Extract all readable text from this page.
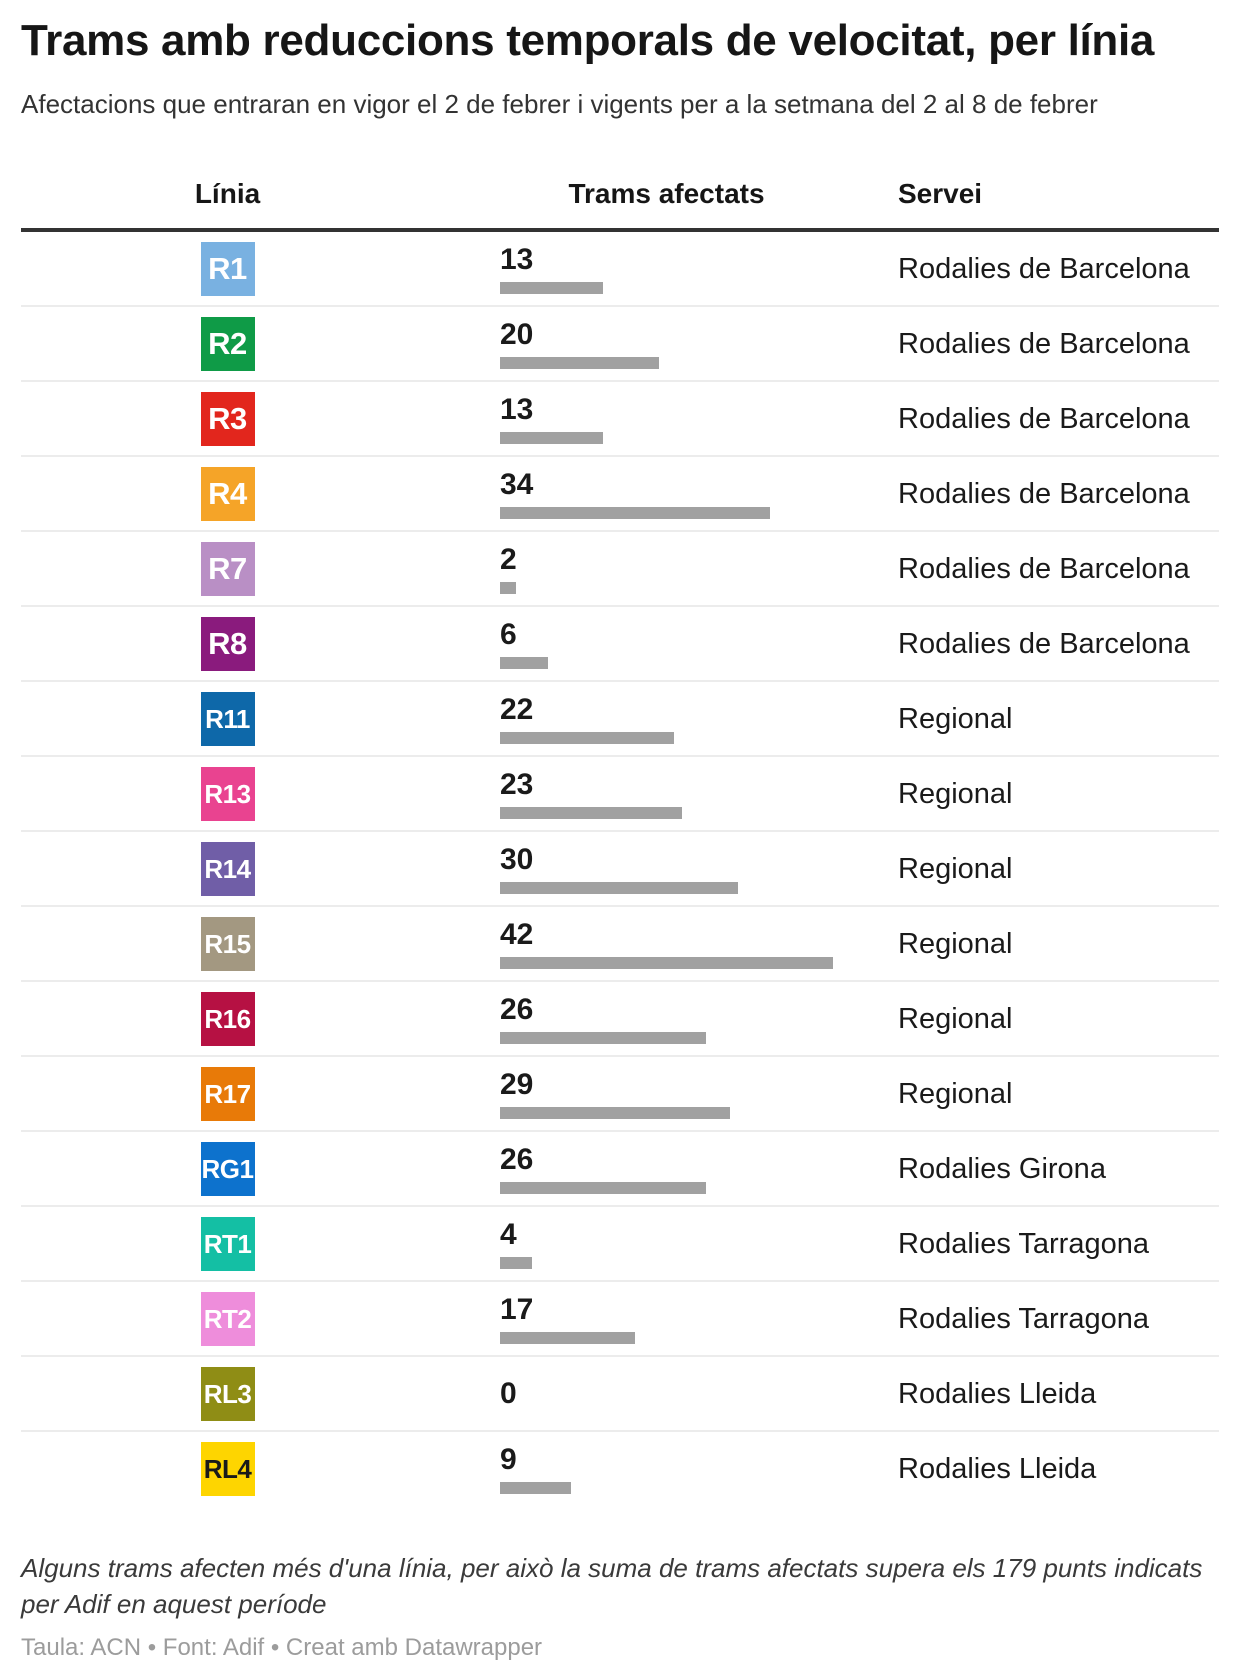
Trams amb reduccions temporals de velocitat, per línia

Afectacions que entraran en vigor el 2 de febrer i vigents per a la setmana del 2 al 8 de febrer

Línia	Trams afectats	Servei
R1	13	Rodalies de Barcelona
R2	20	Rodalies de Barcelona
R3	13	Rodalies de Barcelona
R4	34	Rodalies de Barcelona
R7	2	Rodalies de Barcelona
R8	6	Rodalies de Barcelona
R11	22	Regional
R13	23	Regional
R14	30	Regional
R15	42	Regional
R16	26	Regional
R17	29	Regional
RG1	26	Rodalies Girona
RT1	4	Rodalies Tarragona
RT2	17	Rodalies Tarragona
RL3	0	Rodalies Lleida
RL4	9	Rodalies Lleida

Alguns trams afecten més d'una línia, per això la suma de trams afectats supera els 179 punts indicats per Adif en aquest període

Taula: ACN • Font: Adif • Creat amb Datawrapper
